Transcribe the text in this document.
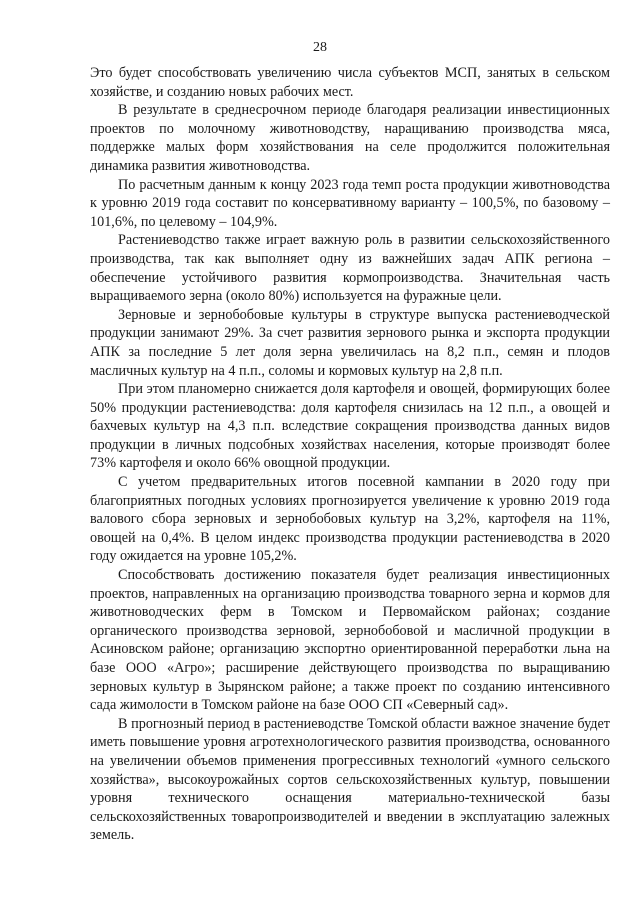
28

Это будет способствовать увеличению числа субъектов МСП, занятых в сельском хозяйстве, и созданию новых рабочих мест.

В результате в среднесрочном периоде благодаря реализации инвестиционных проектов по молочному животноводству, наращиванию производства мяса, поддержке малых форм хозяйствования на селе продолжится положительная динамика развития животноводства.

По расчетным данным к концу 2023 года темп роста продукции животноводства к уровню 2019 года составит по консервативному варианту – 100,5%, по базовому – 101,6%, по целевому – 104,9%.

Растениеводство также играет важную роль в развитии сельскохозяйственного производства, так как выполняет одну из важнейших задач АПК региона – обеспечение устойчивого развития кормопроизводства. Значительная часть выращиваемого зерна (около 80%) используется на фуражные цели.

Зерновые и зернобобовые культуры в структуре выпуска растениеводческой продукции занимают 29%. За счет развития зернового рынка и экспорта продукции АПК за последние 5 лет доля зерна увеличилась на 8,2 п.п., семян и плодов масличных культур на 4 п.п., соломы и кормовых культур на 2,8 п.п.

При этом планомерно снижается доля картофеля и овощей, формирующих более 50% продукции растениеводства: доля картофеля снизилась на 12 п.п., а овощей и бахчевых культур на 4,3 п.п. вследствие сокращения производства данных видов продукции в личных подсобных хозяйствах населения, которые производят более 73% картофеля и около 66% овощной продукции.

С учетом предварительных итогов посевной кампании в 2020 году при благоприятных погодных условиях прогнозируется увеличение к уровню 2019 года валового сбора зерновых и зернобобовых культур на 3,2%, картофеля на 11%, овощей на 0,4%. В целом индекс производства продукции растениеводства в 2020 году ожидается на уровне 105,2%.

Способствовать достижению показателя будет реализация инвестиционных проектов, направленных на организацию производства товарного зерна и кормов для животноводческих ферм в Томском и Первомайском районах; создание органического производства зерновой, зернобобовой и масличной продукции в Асиновском районе; организацию экспортно ориентированной переработки льна на базе ООО «Агро»; расширение действующего производства по выращиванию зерновых культур в Зырянском районе; а также проект по созданию интенсивного сада жимолости в Томском районе на базе ООО СП «Северный сад».

В прогнозный период в растениеводстве Томской области важное значение будет иметь повышение уровня агротехнологического развития производства, основанного на увеличении объемов применения прогрессивных технологий «умного сельского хозяйства», высокоурожайных сортов сельскохозяйственных культур, повышении уровня технического оснащения материально-технической базы сельскохозяйственных товаропроизводителей и введении в эксплуатацию залежных земель.
